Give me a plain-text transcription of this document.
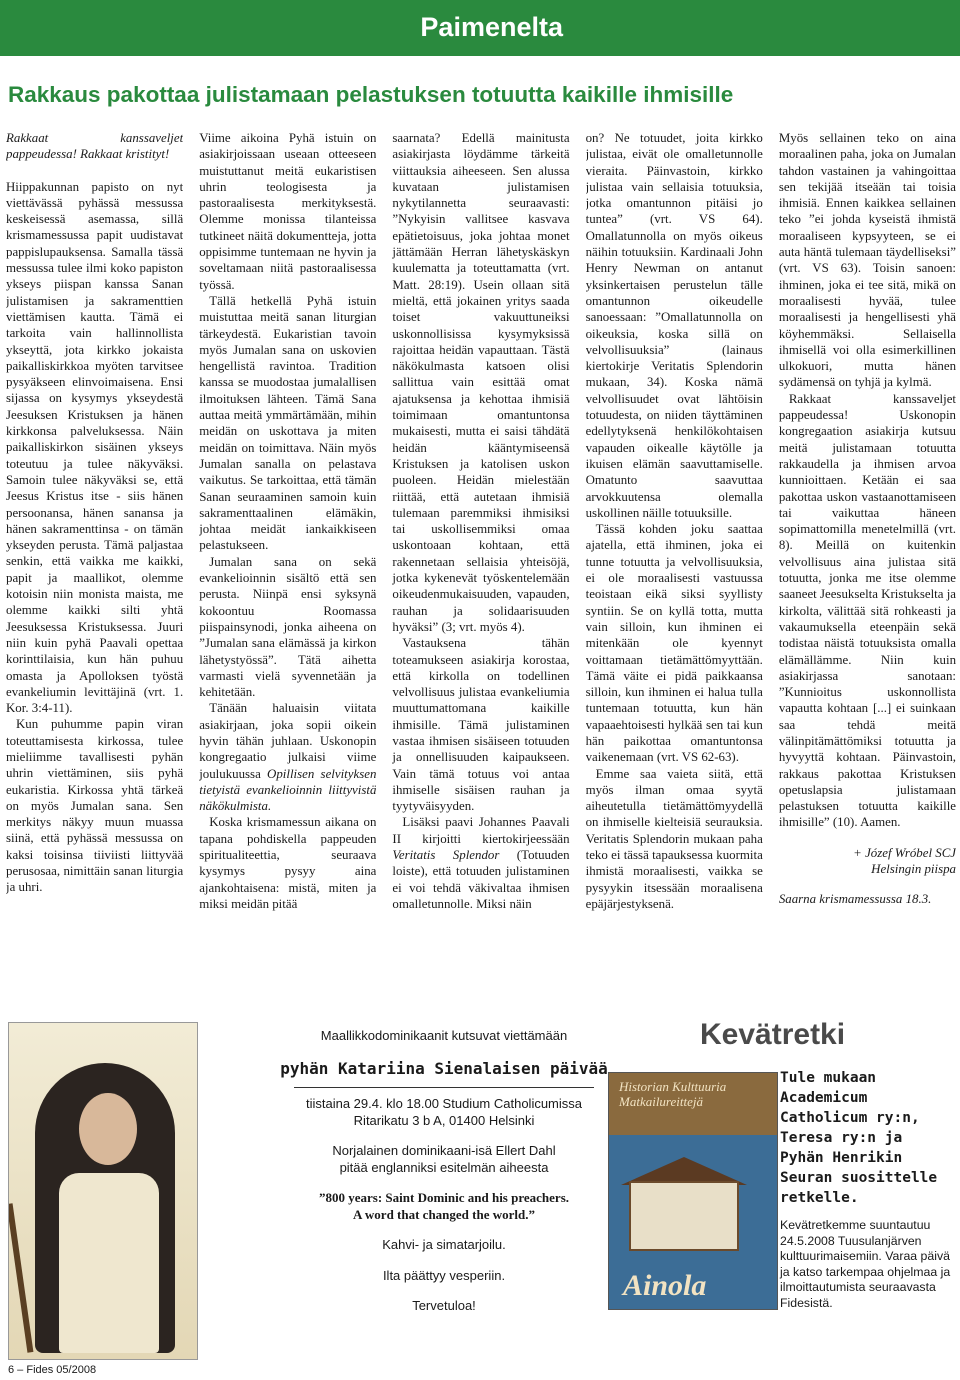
Paimenelta
Rakkaus pakottaa julistamaan pelastuksen totuutta kaikille ihmisille

Rakkaat kanssaveljet pappeudessa! Rakkaat kristityt!

Hiippakunnan papisto on nyt viettävässä pyhässä messussa keskeisessä asemassa, sillä krismamessussa papit uudistavat pappislupauksensa. Samalla tässä messussa tulee ilmi koko papiston ykseys piispan kanssa Sanan julistamisen ja sakramenttien viettämisen kautta. Tämä ei tarkoita vain hallinnollista ykseyttä, jota kirkko jokaista paikalliskirkkoa myöten tarvitsee pysyäkseen elinvoimaisena. Ensi sijassa on kysymys ykseydestä Jeesuksen Kristuksen ja hänen kirkkonsa palveluksessa. Näin paikalliskirkon sisäinen ykseys toteutuu ja tulee näkyväksi. Samoin tulee näkyväksi se, että Jeesus Kristus itse - siis hänen persoonansa, hänen sanansa ja hänen sakramenttinsa - on tämän ykseyden perusta. Tämä paljastaa senkin, että vaikka me kaikki, papit ja maallikot, olemme kotoisin niin monista maista, me olemme kaikki silti yhtä Jeesuksessa Kristuksessa. Juuri niin kuin pyhä Paavali opettaa korinttilaisia, kun hän puhuu omasta ja Apolloksen työstä evankeliumin levittäjinä (vrt. 1. Kor. 3:4-11).

Kun puhumme papin viran toteuttamisesta kirkossa, tulee mieliimme tavallisesti pyhän uhrin viettäminen, siis pyhä eukaristia. Kirkossa yhtä tärkeä on myös Jumalan sana. Sen merkitys näkyy muun muassa siinä, että pyhässä messussa on kaksi toisinsa tiiviisti liittyvää perusosaa, nimittäin sanan liturgia ja uhri.

Viime aikoina Pyhä istuin on asiakirjoissaan useaan otteeseen muistuttanut meitä eukaristisen uhrin teologisesta ja pastoraalisesta merkityksestä. Olemme monissa tilanteissa tutkineet näitä dokumentteja, jotta oppisimme tuntemaan ne hyvin ja soveltamaan niitä pastoraalisessa työssä.

Tällä hetkellä Pyhä istuin muistuttaa meitä sanan liturgian tärkeydestä. Eukaristian tavoin myös Jumalan sana on uskovien hengellistä ravintoa. Tradition kanssa se muodostaa jumalallisen ilmoituksen lähteen. Tämä Sana auttaa meitä ymmärtämään, mihin meidän on uskottava ja miten meidän on toimittava. Näin myös Jumalan sanalla on pelastava vaikutus. Se tarkoittaa, että tämän Sanan seuraaminen samoin kuin sakramenttaalinen elämäkin, johtaa meidät iankaikkiseen pelastukseen.

Jumalan sana on sekä evankelioinnin sisältö että sen perusta. Niinpä ensi syksynä kokoontuu Roomassa piispainsynodi, jonka aiheena on ”Jumalan sana elämässä ja kirkon lähetystyössä”. Tätä aihetta varmasti vielä syvennetään ja kehitetään.

Tänään haluaisin viitata asiakirjaan, joka sopii oikein hyvin tähän juhlaan. Uskonopin kongregaatio julkaisi viime joulukuussa Opillisen selvityksen tietyistä evankelioinnin liittyvistä näkökulmista.

Koska krismamessun aikana on tapana pohdiskella pappeuden spiritualiteettia, seuraava kysymys pysyy aina ajankohtaisena: mistä, miten ja miksi meidän pitää

saarnata? Edellä mainitusta asiakirjasta löydämme tärkeitä viittauksia aiheeseen. Sen alussa kuvataan julistamisen nykytilannetta seuraavasti: ”Nykyisin vallitsee kasvava epätietoisuus, joka johtaa monet jättämään Herran lähetyskäskyn kuulematta ja toteuttamatta (vrt. Matt. 28:19). Usein ollaan sitä mieltä, että jokainen yritys saada toiset vakuuttuneiksi uskonnollisissa kysymyksissä rajoittaa heidän vapauttaan. Tästä näkökulmasta katsoen olisi sallittua vain esittää omat ajatuksensa ja kehottaa ihmisiä toimimaan omantuntonsa mukaisesti, mutta ei saisi tähdätä heidän kääntymiseensä Kristuksen ja katolisen uskon puoleen. Heidän mielestään riittää, että autetaan ihmisiä tulemaan paremmiksi ihmisiksi tai uskollisemmiksi omaa uskontoaan kohtaan, että rakennetaan sellaisia yhteisöjä, jotka kykenevät työskentelemään oikeudenmukaisuuden, vapauden, rauhan ja solidaarisuuden hyväksi” (3; vrt. myös 4).

Vastauksena tähän toteamukseen asiakirja korostaa, että kirkolla on todellinen velvollisuus julistaa evankeliumia muuttumattomana kaikille ihmisille. Tämä julistaminen vastaa ihmisen sisäiseen totuuden ja onnellisuuden kaipaukseen. Vain tämä totuus voi antaa ihmiselle sisäisen rauhan ja tyytyväisyyden.

Lisäksi paavi Johannes Paavali II kirjoitti kiertokirjeessään Veritatis Splendor (Totuuden loiste), että totuuden julistaminen ei voi tehdä väkivaltaa ihmisen omalletunnolle. Miksi näin

on? Ne totuudet, joita kirkko julistaa, eivät ole omalletunnolle vieraita. Päinvastoin, kirkko julistaa vain sellaisia totuuksia, jotka omantunnon pitäisi jo tuntea” (vrt. VS 64). Omallatunnolla on myös oikeus näihin totuuksiin. Kardinaali John Henry Newman on antanut yksinkertaisen perustelun tälle omantunnon oikeudelle sanoessaan: ”Omallatunnolla on oikeuksia, koska sillä on velvollisuuksia” (lainaus kiertokirje Veritatis Splendorin mukaan, 34). Koska nämä velvollisuudet ovat lähtöisin totuudesta, on niiden täyttäminen edellytyksenä henkilökohtaisen vapauden oikealle käytölle ja ikuisen elämän saavuttamiselle. Omatunto saavuttaa arvokkuutensa olemalla uskollinen näille totuuksille.

Tässä kohden joku saattaa ajatella, että ihminen, joka ei tunne totuutta ja velvollisuuksia, ei ole moraalisesti vastuussa teoistaan eikä siksi syyllisty syntiin. Se on kyllä totta, mutta vain silloin, kun ihminen ei mitenkään ole kyennyt voittamaan tietämättömyyttään. Tämä väite ei pidä paikkaansa silloin, kun ihminen ei halua tulla tuntemaan totuutta, kun hän vapaaehtoisesti hylkää sen tai kun hän paikottaa omantuntonsa vaikenemaan (vrt. VS 62-63).

Emme saa vaieta siitä, että myös ilman omaa syytä aiheutetulla tietämättömyydellä on ihmiselle kielteisiä seurauksia. Veritatis Splendorin mukaan paha teko ei tässä tapauksessa kuormita ihmistä moraalisesti, vaikka se pysyykin itsessään moraalisena epäjärjestyksenä.

Myös sellainen teko on aina moraalinen paha, joka on Jumalan tahdon vastainen ja vahingoittaa sen tekijää itseään tai toisia ihmisiä. Ennen kaikkea sellainen teko ”ei johda kyseistä ihmistä moraaliseen kypsyyteen, se ei auta häntä tulemaan täydelliseksi” (vrt. VS 63). Toisin sanoen: ihminen, joka ei tee sitä, mikä on moraalisesti hyvää, tulee moraalisesti ja hengellisesti yhä köyhemmäksi. Sellaisella ihmisellä voi olla esimerkillinen ulkokuori, mutta hänen sydämensä on tyhjä ja kylmä.

Rakkaat kanssaveljet pappeudessa! Uskonopin kongregaation asiakirja kutsuu meitä julistamaan totuutta rakkaudella ja ihmisen arvoa kunnioittaen. Ketään ei saa pakottaa uskon vastaanottamiseen tai vaikuttaa häneen sopimattomilla menetelmillä (vrt. 8). Meillä on kuitenkin velvollisuus aina julistaa sitä totuutta, jonka me itse olemme saaneet Jeesukselta Kristukselta ja kirkolta, välittää sitä rohkeasti ja vakaumuksella eteenpäin sekä todistaa näistä totuuksista omalla elämällämme. Niin kuin asiakirjassa sanotaan: ”Kunnioitus uskonnollista vapautta kohtaan [...] ei suinkaan saa tehdä meitä välinpitämättömiksi totuutta ja hyvyyttä kohtaan. Päinvastoin, rakkaus pakottaa Kristuksen opetuslapsia julistamaan pelastuksen totuutta kaikille ihmisille” (10). Aamen.

+ Józef Wróbel SCJ
Helsingin piispa

Saarna krismamessussa 18.3.

Maallikkodominikaanit kutsuvat viettämään
pyhän Katariina Sienalaisen päivää
tiistaina 29.4. klo 18.00 Studium Catholicumissa
Ritarikatu 3 b A, 01400 Helsinki
Norjalainen dominikaani-isä Ellert Dahl
pitää englanniksi esitelmän aiheesta
”800 years: Saint Dominic and his preachers.
A word that changed the world.”
Kahvi- ja simatarjoilu.
Ilta päättyy vesperiin.
Tervetuloa!
Kevätretki
Historian Kulttuuria Matkailureittejä
Ainola
Tule mukaan Academicum Catholicum ry:n, Teresa ry:n ja Pyhän Henrikin Seuran suosittelle retkelle.
Kevätretkemme suuntautuu 24.5.2008 Tuusulanjärven kulttuurimaisemiin. Varaa päivä ja katso tarkempaa ohjelmaa ja ilmoittautumista seuraavasta Fidesistä.
6 – Fides 05/2008
